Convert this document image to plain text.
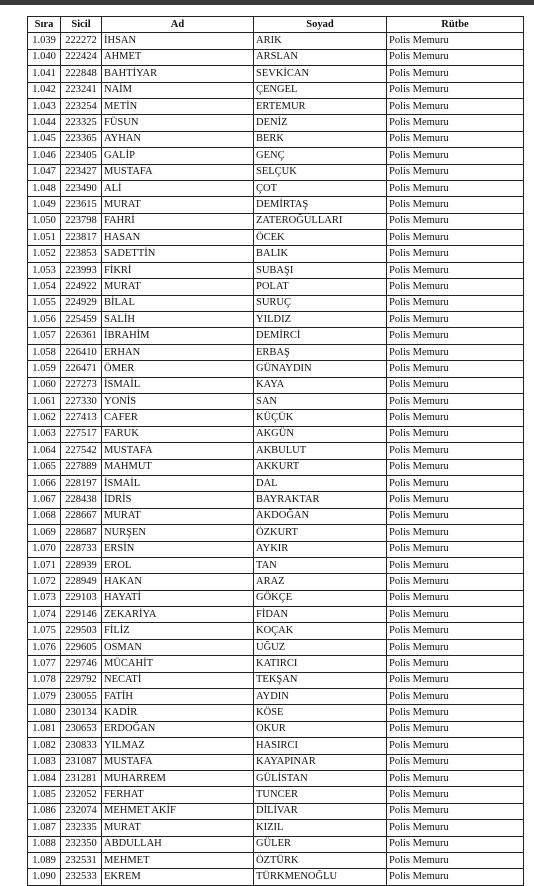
Sıra	Sicil	Ad	Soyad	Rütbe
1.039	222272	İHSAN	ARIK	Polis Memuru
1.040	222424	AHMET	ARSLAN	Polis Memuru
1.041	222848	BAHTİYAR	SEVKİCAN	Polis Memuru
1.042	223241	NAİM	ÇENGEL	Polis Memuru
1.043	223254	METİN	ERTEMUR	Polis Memuru
1.044	223325	FÜSUN	DENİZ	Polis Memuru
1.045	223365	AYHAN	BERK	Polis Memuru
1.046	223405	GALİP	GENÇ	Polis Memuru
1.047	223427	MUSTAFA	SELÇUK	Polis Memuru
1.048	223490	ALİ	ÇOT	Polis Memuru
1.049	223615	MURAT	DEMİRTAŞ	Polis Memuru
1.050	223798	FAHRİ	ZATEROĞULLARI	Polis Memuru
1.051	223817	HASAN	ÖCEK	Polis Memuru
1.052	223853	SADETTİN	BALIK	Polis Memuru
1.053	223993	FİKRİ	SUBAŞI	Polis Memuru
1.054	224922	MURAT	POLAT	Polis Memuru
1.055	224929	BİLAL	SURUÇ	Polis Memuru
1.056	225459	SALİH	YILDIZ	Polis Memuru
1.057	226361	İBRAHİM	DEMİRCİ	Polis Memuru
1.058	226410	ERHAN	ERBAŞ	Polis Memuru
1.059	226471	ÖMER	GÜNAYDIN	Polis Memuru
1.060	227273	İSMAİL	KAYA	Polis Memuru
1.061	227330	YONİS	SAN	Polis Memuru
1.062	227413	CAFER	KÜÇÜK	Polis Memuru
1.063	227517	FARUK	AKGÜN	Polis Memuru
1.064	227542	MUSTAFA	AKBULUT	Polis Memuru
1.065	227889	MAHMUT	AKKURT	Polis Memuru
1.066	228197	İSMAİL	DAL	Polis Memuru
1.067	228438	İDRİS	BAYRAKTAR	Polis Memuru
1.068	228667	MURAT	AKDOĞAN	Polis Memuru
1.069	228687	NURŞEN	ÖZKURT	Polis Memuru
1.070	228733	ERSİN	AYKIR	Polis Memuru
1.071	228939	EROL	TAN	Polis Memuru
1.072	228949	HAKAN	ARAZ	Polis Memuru
1.073	229103	HAYATİ	GÖKÇE	Polis Memuru
1.074	229146	ZEKARİYA	FİDAN	Polis Memuru
1.075	229503	FİLİZ	KOÇAK	Polis Memuru
1.076	229605	OSMAN	UĞUZ	Polis Memuru
1.077	229746	MÜCAHİT	KATIRCI	Polis Memuru
1.078	229792	NECATİ	TEKŞAN	Polis Memuru
1.079	230055	FATİH	AYDIN	Polis Memuru
1.080	230134	KADİR	KÖSE	Polis Memuru
1.081	230653	ERDOĞAN	OKUR	Polis Memuru
1.082	230833	YILMAZ	HASIRCI	Polis Memuru
1.083	231087	MUSTAFA	KAYAPINAR	Polis Memuru
1.084	231281	MUHARREM	GÜLİSTAN	Polis Memuru
1.085	232052	FERHAT	TUNCER	Polis Memuru
1.086	232074	MEHMET AKİF	DİLİVAR	Polis Memuru
1.087	232335	MURAT	KIZIL	Polis Memuru
1.088	232350	ABDULLAH	GÜLER	Polis Memuru
1.089	232531	MEHMET	ÖZTÜRK	Polis Memuru
1.090	232533	EKREM	TÜRKMENOĞLU	Polis Memuru
